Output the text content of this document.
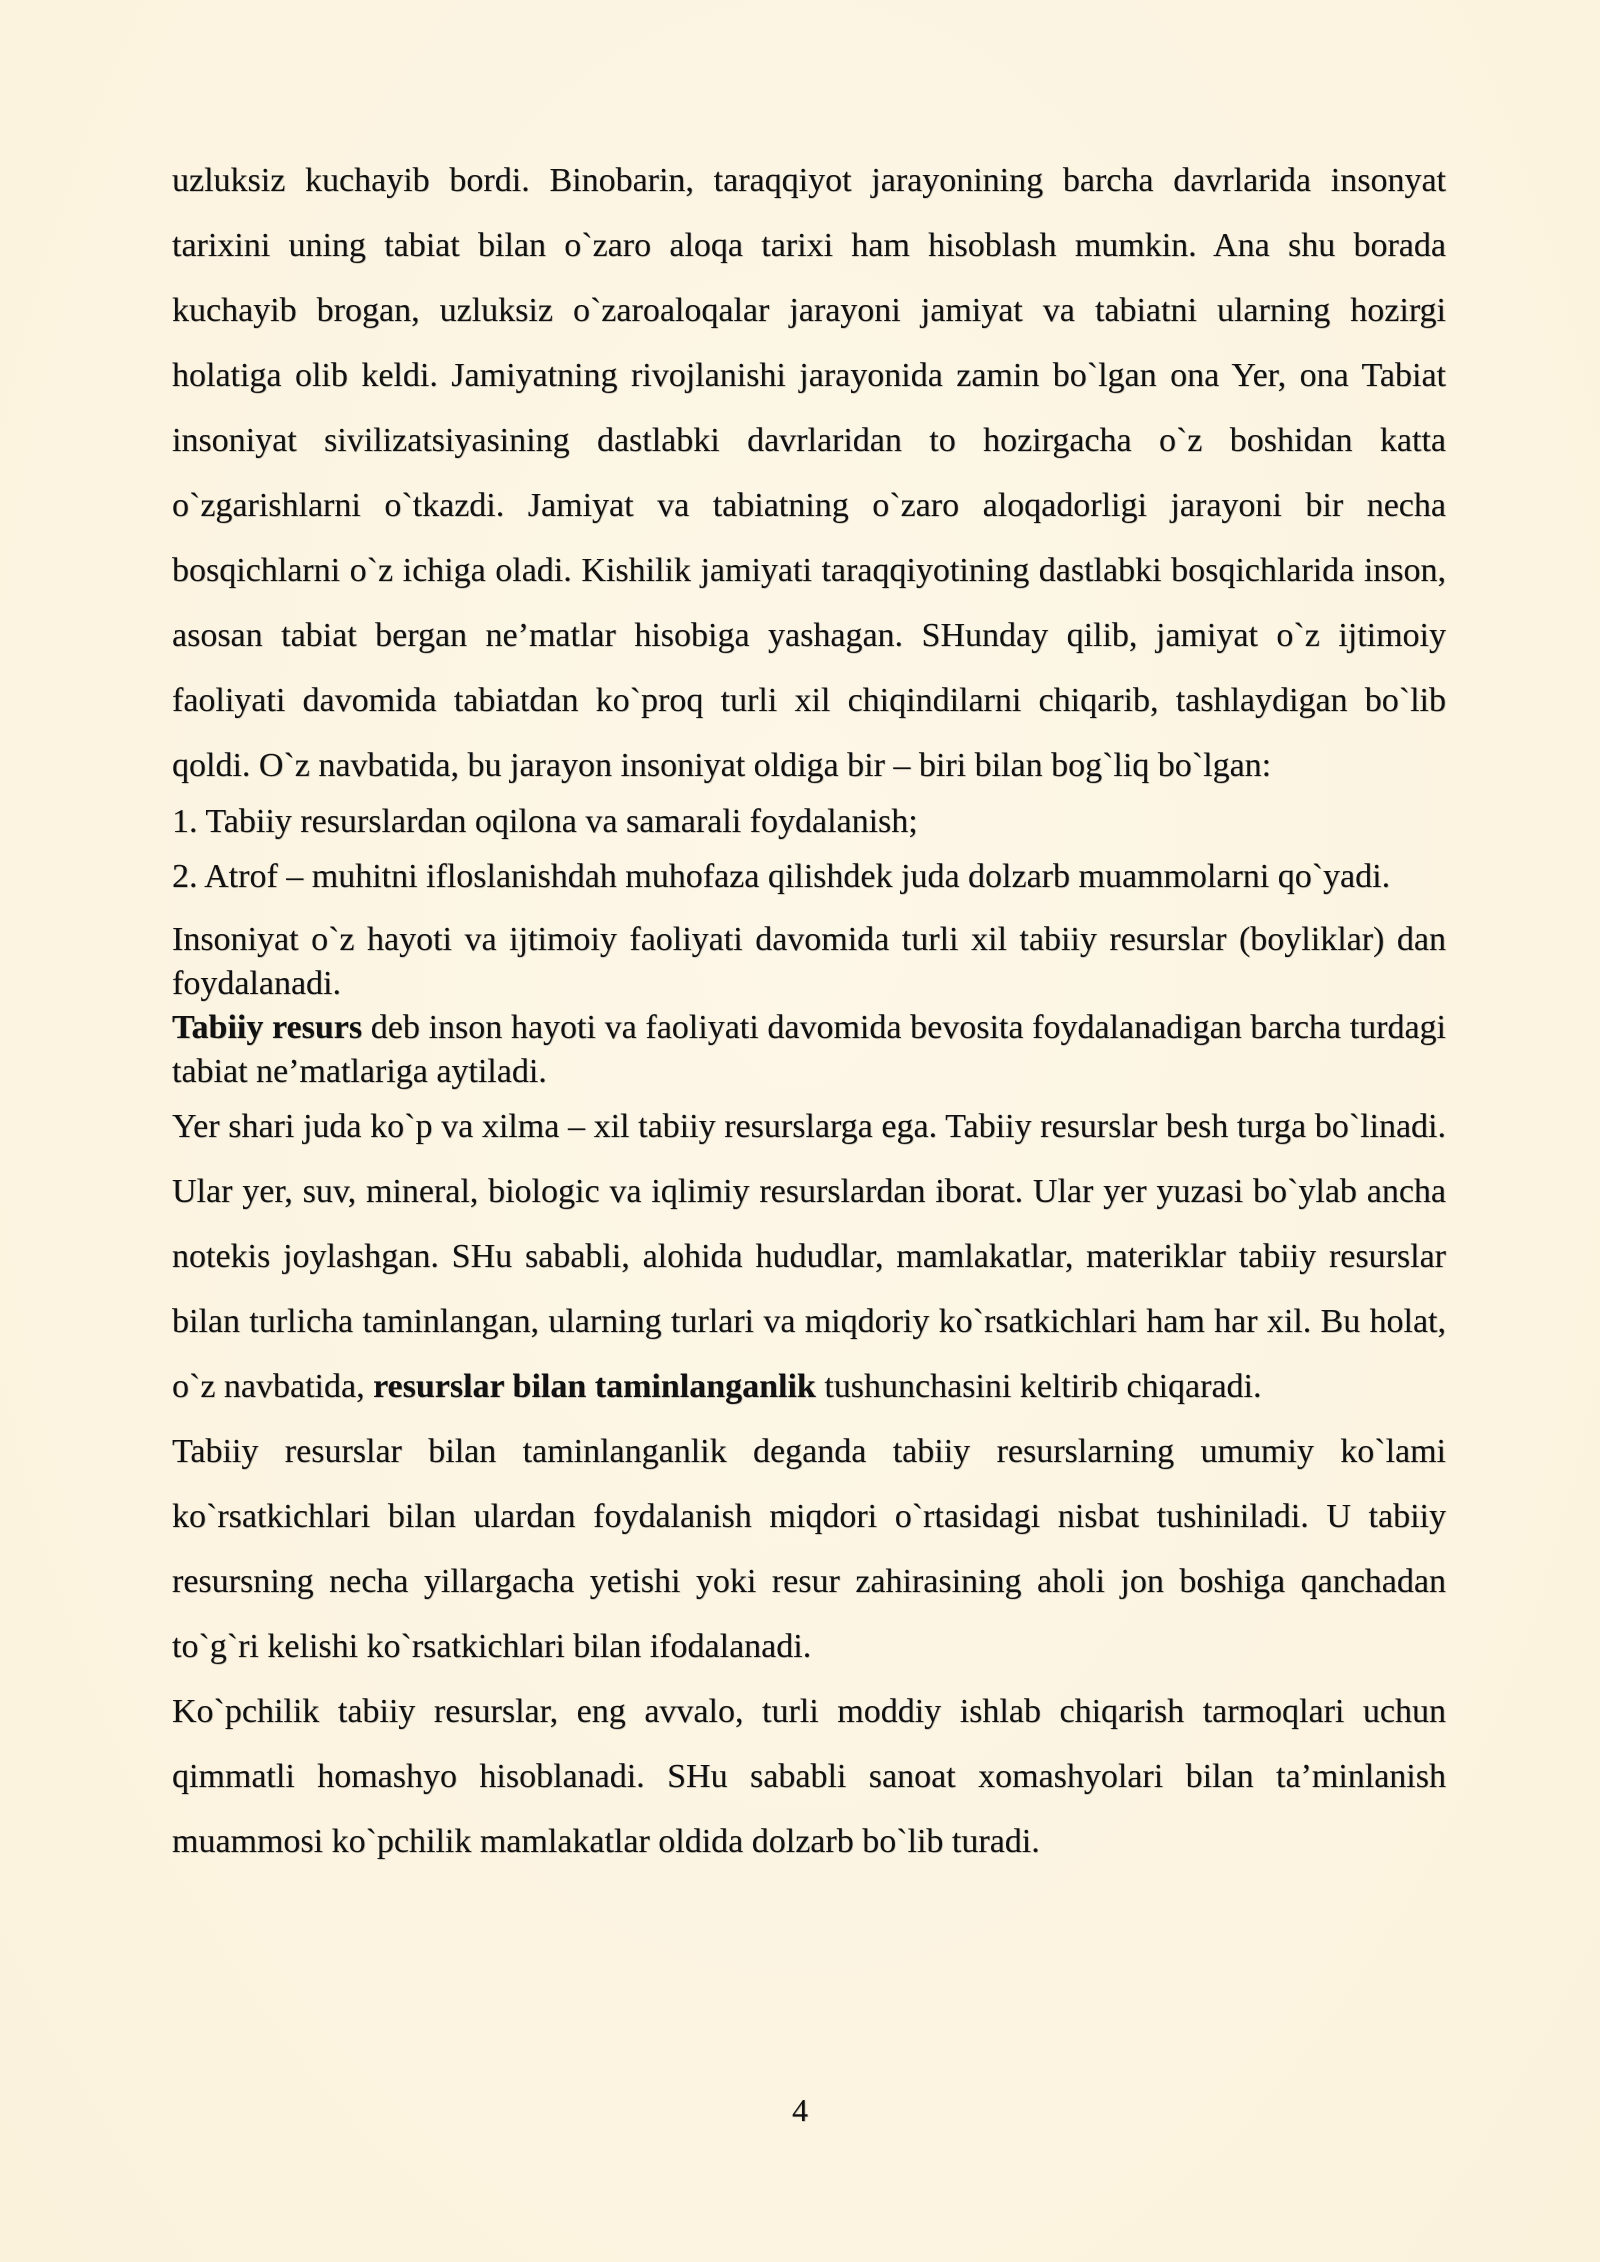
uzluksiz kuchayib bordi. Binobarin, taraqqiyot jarayonining barcha davrlarida insonyat tarixini uning tabiat bilan o`zaro aloqa tarixi ham hisoblash mumkin. Ana shu borada kuchayib brogan, uzluksiz o`zaroaloqalar jarayoni jamiyat va tabiatni ularning hozirgi holatiga olib keldi. Jamiyatning rivojlanishi jarayonida zamin bo`lgan ona Yer, ona Tabiat insoniyat sivilizatsiyasining dastlabki davrlaridan to hozirgacha o`z boshidan katta o`zgarishlarni o`tkazdi. Jamiyat va tabiatning o`zaro aloqadorligi jarayoni bir necha bosqichlarni o`z ichiga oladi. Kishilik jamiyati taraqqiyotining dastlabki bosqichlarida inson, asosan tabiat bergan ne’matlar hisobiga yashagan. SHunday qilib, jamiyat o`z ijtimoiy faoliyati davomida tabiatdan ko`proq turli xil chiqindilarni chiqarib, tashlaydigan bo`lib qoldi. O`z navbatida, bu jarayon insoniyat oldiga bir – biri bilan bog`liq bo`lgan:

1. Tabiiy resurslardan oqilona va samarali foydalanish;

2. Atrof – muhitni ifloslanishdah muhofaza qilishdek juda dolzarb muammolarni qo`yadi.

Insoniyat o`z hayoti va ijtimoiy faoliyati davomida turli xil tabiiy resurslar (boyliklar) dan foydalanadi.

Tabiiy resurs deb inson hayoti va faoliyati davomida bevosita foydalanadigan barcha turdagi tabiat ne’matlariga aytiladi.

Yer shari juda ko`p va xilma – xil tabiiy resurslarga ega. Tabiiy resurslar besh turga bo`linadi. Ular yer, suv, mineral, biologic va iqlimiy resurslardan iborat. Ular yer yuzasi bo`ylab ancha notekis joylashgan. SHu sababli, alohida hududlar, mamlakatlar, materiklar tabiiy resurslar bilan turlicha taminlangan, ularning turlari va miqdoriy ko`rsatkichlari ham har xil. Bu holat, o`z navbatida, resurslar bilan taminlanganlik tushunchasini keltirib chiqaradi.

Tabiiy resurslar bilan taminlanganlik deganda tabiiy resurslarning umumiy ko`lami ko`rsatkichlari bilan ulardan foydalanish miqdori o`rtasidagi nisbat tushiniladi. U tabiiy resursning necha yillargacha yetishi yoki resur zahirasining aholi jon boshiga qanchadan to`g`ri kelishi ko`rsatkichlari bilan ifodalanadi.

Ko`pchilik tabiiy resurslar, eng avvalo, turli moddiy ishlab chiqarish tarmoqlari uchun qimmatli homashyo hisoblanadi. SHu sababli sanoat xomashyolari bilan ta’minlanish muammosi ko`pchilik mamlakatlar oldida dolzarb bo`lib turadi.

4
